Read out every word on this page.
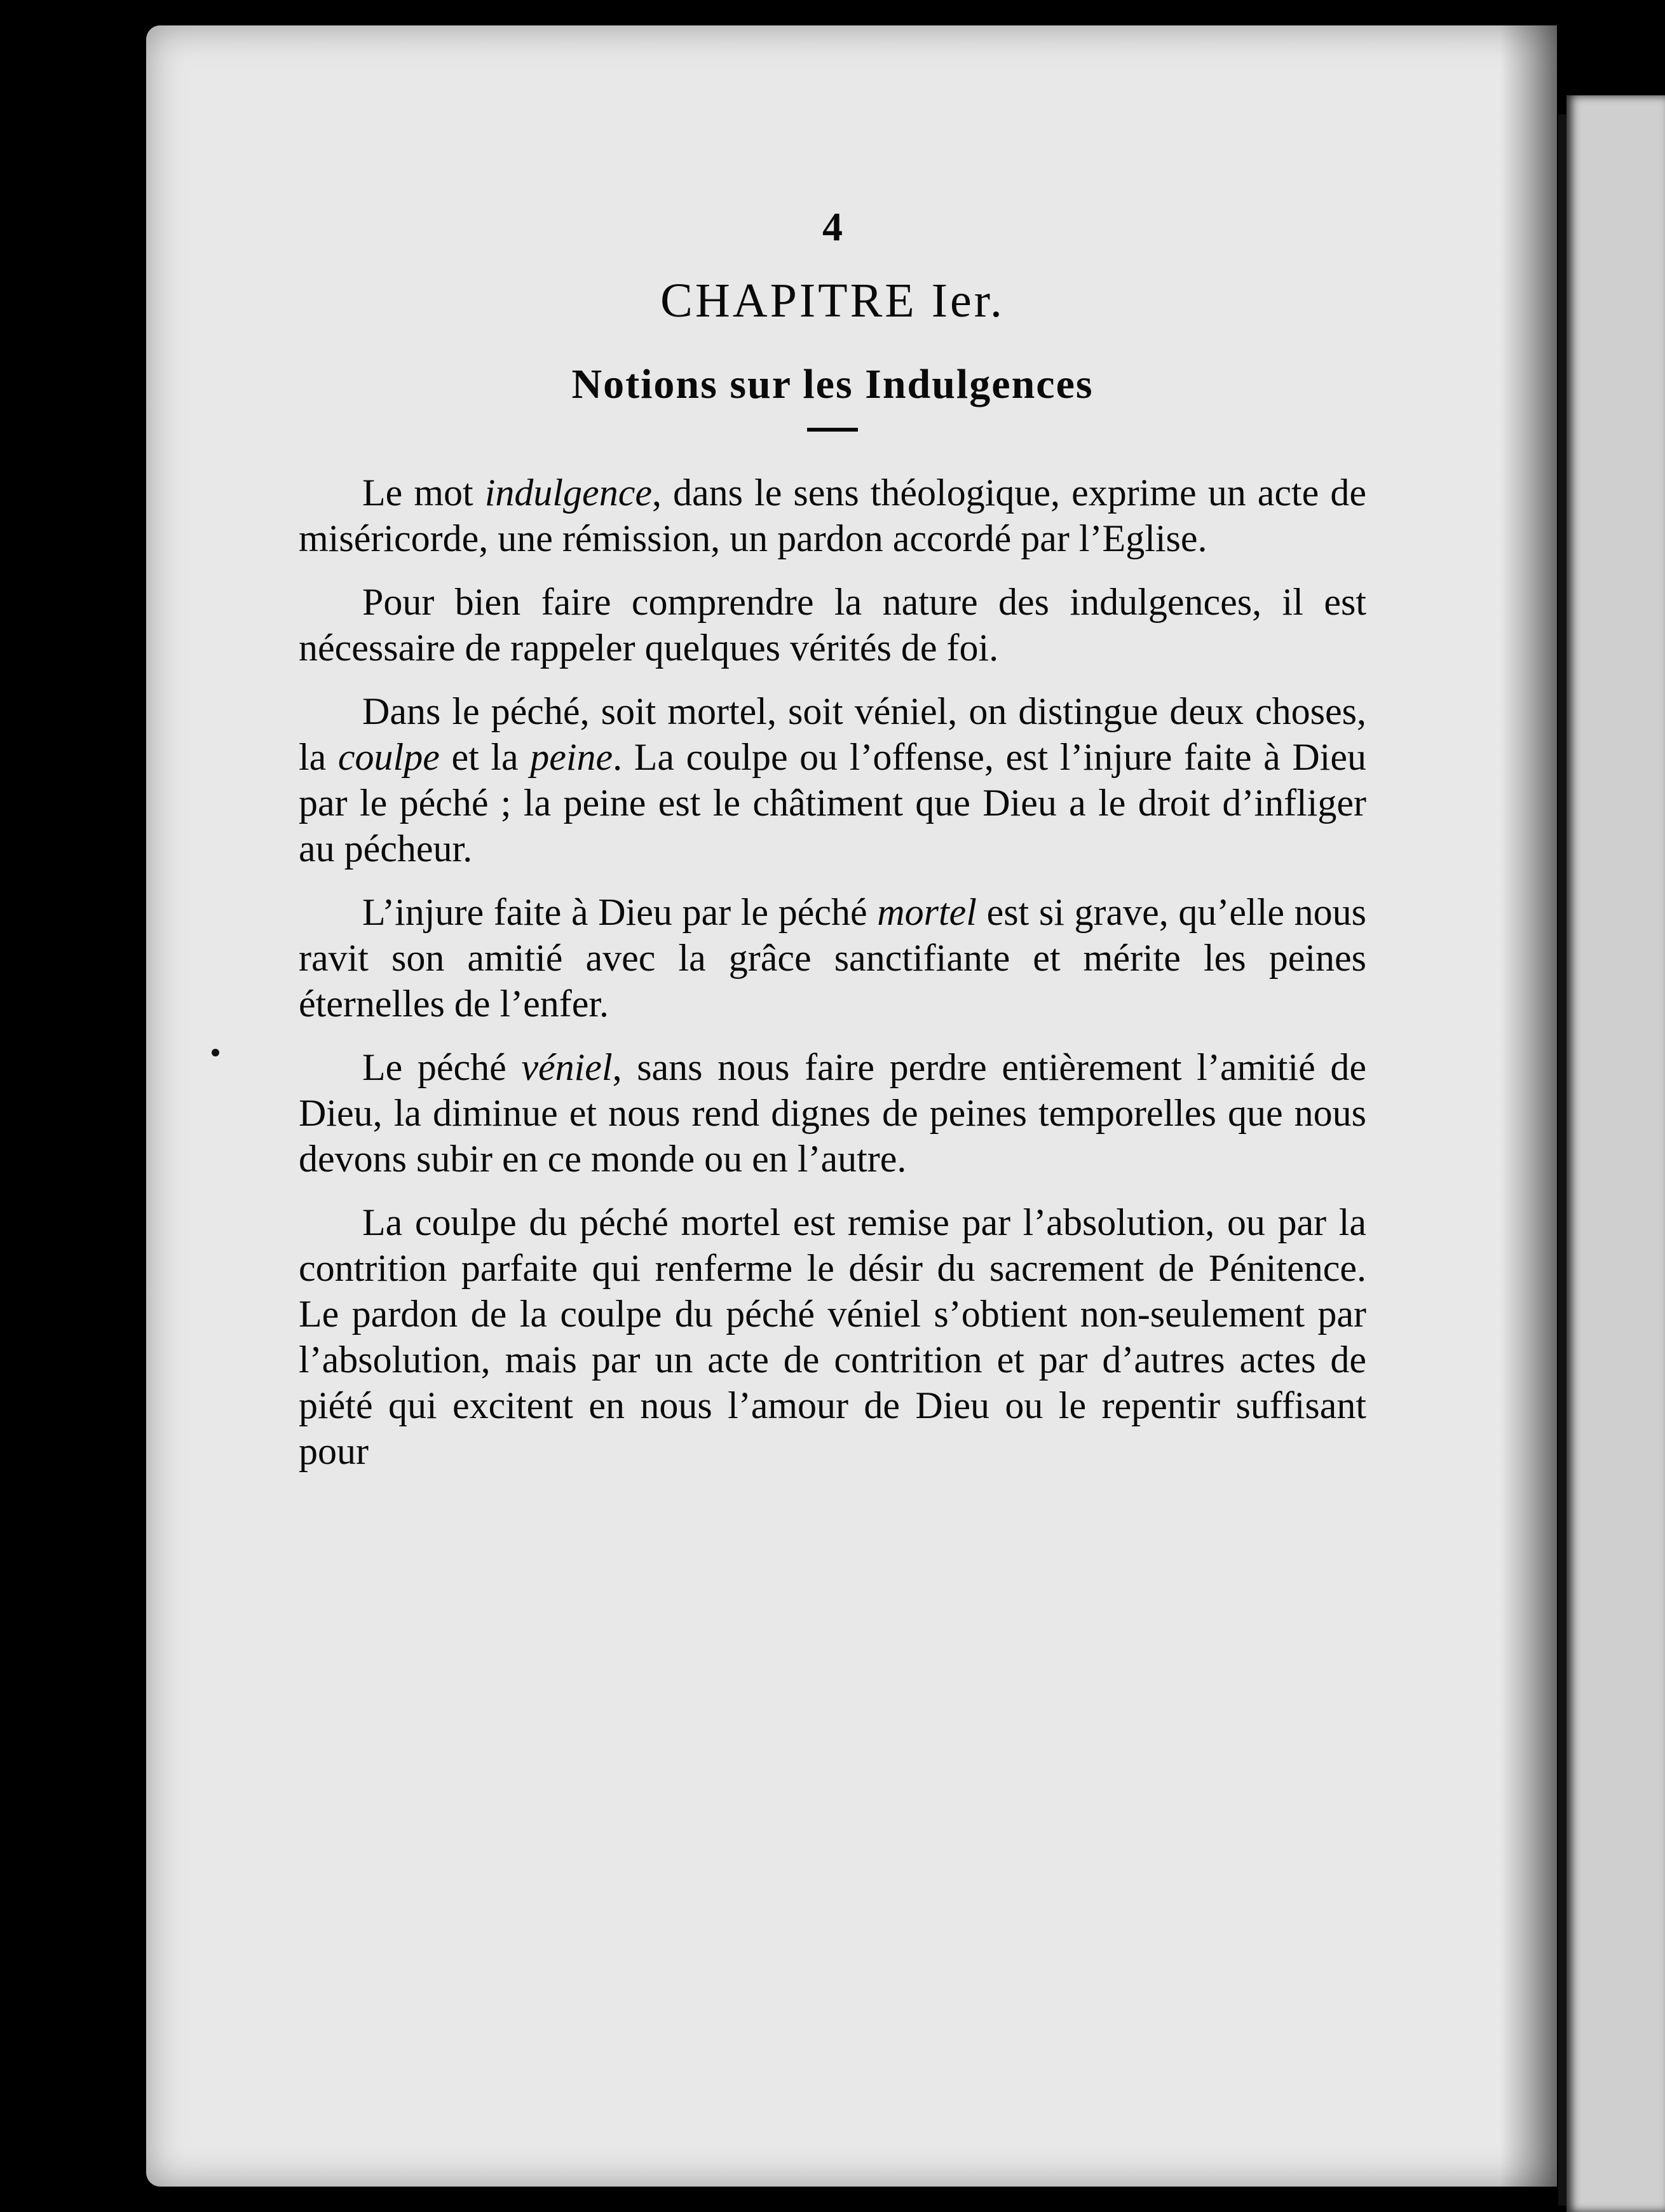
4
CHAPITRE Ier.
Notions sur les Indulgences

Le mot indulgence, dans le sens théologique, exprime un acte de miséricorde, une rémission, un pardon accordé par l’Eglise.

Pour bien faire comprendre la nature des indulgences, il est nécessaire de rappeler quelques vérités de foi.

Dans le péché, soit mortel, soit véniel, on distingue deux choses, la coulpe et la peine. La coulpe ou l’offense, est l’injure faite à Dieu par le péché ; la peine est le châtiment que Dieu a le droit d’infliger au pécheur.

L’injure faite à Dieu par le péché mortel est si grave, qu’elle nous ravit son amitié avec la grâce sanctifiante et mérite les peines éternelles de l’enfer.

Le péché véniel, sans nous faire perdre entièrement l’amitié de Dieu, la diminue et nous rend dignes de peines temporelles que nous devons subir en ce monde ou en l’autre.

La coulpe du péché mortel est remise par l’absolution, ou par la contrition parfaite qui renferme le désir du sacrement de Pénitence. Le pardon de la coulpe du péché véniel s’obtient non-seulement par l’absolution, mais par un acte de contrition et par d’autres actes de piété qui excitent en nous l’amour de Dieu ou le repentir suffisant pour
